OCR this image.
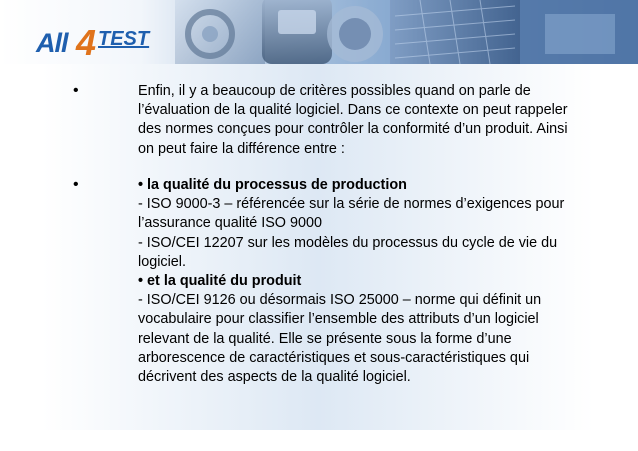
All 4 TEST
•	Enfin, il y a beaucoup de critères possibles quand on parle de
l’évaluation de la qualité logiciel. Dans ce contexte on peut rappeler
des normes conçues pour contrôler la conformité d’un produit. Ainsi
on peut faire la différence entre :
•	• la qualité du processus de production
- ISO 9000-3 – référencée sur la série de normes d’exigences pour
l’assurance qualité ISO 9000
- ISO/CEI 12207 sur les modèles du processus du cycle de vie du
logiciel.
• et la qualité du produit
- ISO/CEI 9126 ou désormais ISO 25000 – norme qui définit un
vocabulaire pour classifier l’ensemble des attributs d’un logiciel
relevant de la qualité. Elle se présente sous la forme d’une
arborescence de caractéristiques et sous-caractéristiques qui
décrivent des aspects de la qualité logiciel.
